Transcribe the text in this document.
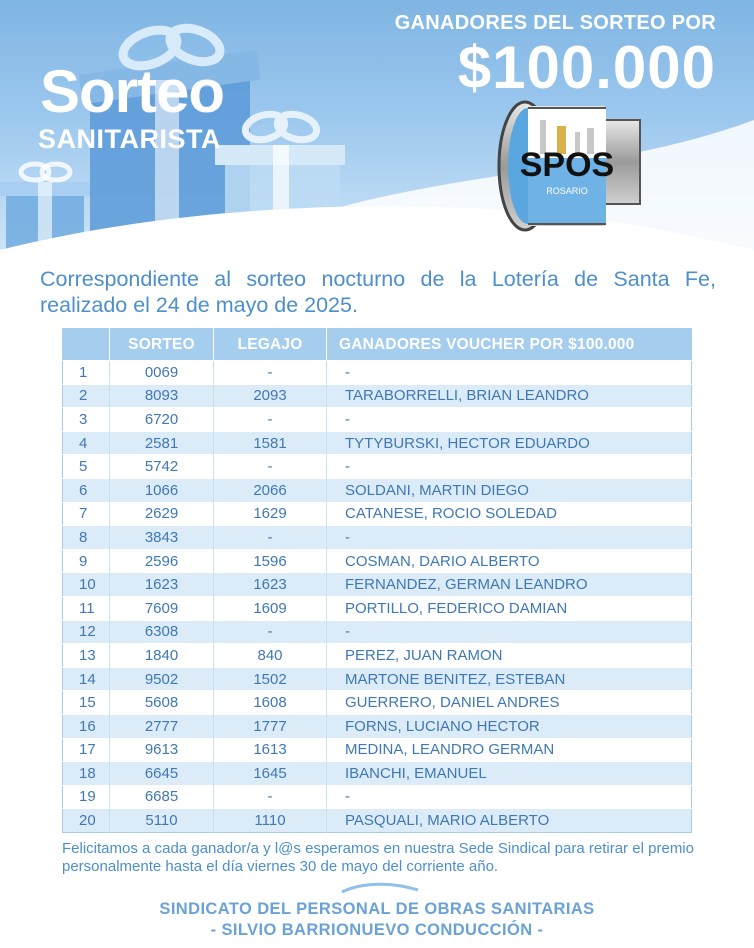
Sorteo
SANITARISTA
GANADORES DEL SORTEO POR
$100.000
SPOS
ROSARIO
Correspondiente al sorteo nocturno de la Lotería de Santa Fe, realizado el 24 de mayo de 2025.
	SORTEO	LEGAJO	GANADORES VOUCHER POR $100.000
1	0069	-	-
2	8093	2093	TARABORRELLI, BRIAN LEANDRO
3	6720	-	-
4	2581	1581	TYTYBURSKI, HECTOR EDUARDO
5	5742	-	-
6	1066	2066	SOLDANI, MARTIN DIEGO
7	2629	1629	CATANESE, ROCIO SOLEDAD
8	3843	-	-
9	2596	1596	COSMAN, DARIO ALBERTO
10	1623	1623	FERNANDEZ, GERMAN LEANDRO
11	7609	1609	PORTILLO, FEDERICO DAMIAN
12	6308	-	-
13	1840	840	PEREZ, JUAN RAMON
14	9502	1502	MARTONE BENITEZ, ESTEBAN
15	5608	1608	GUERRERO, DANIEL ANDRES
16	2777	1777	FORNS, LUCIANO HECTOR
17	9613	1613	MEDINA, LEANDRO GERMAN
18	6645	1645	IBANCHI, EMANUEL
19	6685	-	-
20	5110	1110	PASQUALI, MARIO ALBERTO
Felicitamos a cada ganador/a y l@s esperamos en nuestra Sede Sindical para retirar el premio personalmente hasta el día viernes 30 de mayo del corriente año.
SINDICATO DEL PERSONAL DE OBRAS SANITARIAS
- SILVIO BARRIONUEVO CONDUCCIÓN -
